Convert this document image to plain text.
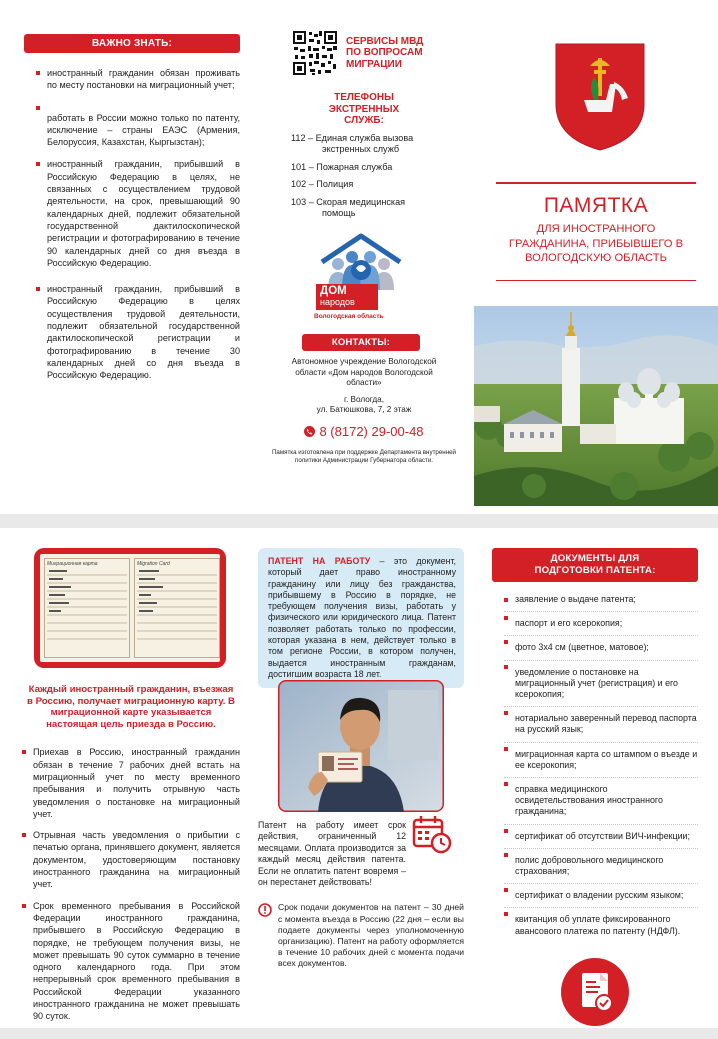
ВАЖНО ЗНАТЬ:
иностранный гражданин обязан проживать по месту постановки на миграционный учет;
работать в России можно только по патенту, исключение – страны ЕАЭС (Армения, Белоруссия, Казахстан, Кыргызстан);
иностранный гражданин, прибывший в Российскую Федерацию в целях, не связанных с осуществлением трудовой деятельности, на срок, превышающий 90 календарных дней, подлежит обязательной государственной дактилоскопической регистрации и фотографированию в течение 90 календарных дней со дня въезда в Российскую Федерацию.
иностранный гражданин, прибывший в Российскую Федерацию в целях осуществления трудовой деятельности, подлежит обязательной государственной дактилоскопической регистрации и фотографированию в течение 30 календарных дней со дня въезда в Российскую Федерацию.
СЕРВИСЫ МВД ПО ВОПРОСАМ МИГРАЦИИ
ТЕЛЕФОНЫ ЭКСТРЕННЫХ СЛУЖБ:
112 – Единая служба вызова экстренных служб
101 – Пожарная служба
102 – Полиция
103 – Скорая медицинская помощь
ДОМ
народов
Вологодская область
КОНТАКТЫ:
Автономное учреждение Вологодской области «Дом народов Вологодской области»
г. Вологда,
ул. Батюшкова, 7, 2 этаж
8 (8172) 29-00-48
Памятка изготовлена при поддержке Департамента внутренней политики Администрации Губернатора области.
ПАМЯТКА
ДЛЯ ИНОСТРАННОГО ГРАЖДАНИНА, ПРИБЫВШЕГО В ВОЛОГОДСКУЮ ОБЛАСТЬ
Миграционная карта	Migration Card
Каждый иностранный гражданин, въезжая в Россию, получает миграционную карту. В миграционной карте указывается настоящая цель приезда в Россию.
Приехав в Россию, иностранный гражданин обязан в течение 7 рабочих дней встать на миграционный учет по месту временного пребывания и получить отрывную часть уведомления о постановке на миграционный учет.
Отрывная часть уведомления о прибытии с печатью органа, принявшего документ, является документом, удостоверяющим постановку иностранного гражданина на миграционный учет.
Срок временного пребывания в Российской Федерации иностранного гражданина, прибывшего в Российскую Федерацию в порядке, не требующем получения визы, не может превышать 90 суток суммарно в течение одного календарного года. При этом непрерывный срок временного пребывания в Российской Федерации указанного иностранного гражданина не может превышать 90 суток.
ПАТЕНТ НА РАБОТУ – это документ, который дает право иностранному гражданину или лицу без гражданства, прибывшему в Россию в порядке, не требующем получения визы, работать у физического или юридического лица. Патент позволяет работать только по профессии, которая указана в нем, действует только в том регионе России, в котором получен, выдается иностранным гражданам, достигшим возраста 18 лет.
Патент на работу имеет срок действия, ограниченный 12 месяцами. Оплата производится за каждый месяц действия патента. Если не оплатить патент вовремя – он перестанет действовать!
Срок подачи документов на патент – 30 дней с момента въезда в Россию (22 дня – если вы подаете документы через уполномоченную организацию). Патент на работу оформляется в течение 10 рабочих дней с момента подачи всех документов.
ДОКУМЕНТЫ ДЛЯ ПОДГОТОВКИ ПАТЕНТА:
заявление о выдаче патента;
паспорт и его ксерокопия;
фото 3х4 см (цветное, матовое);
уведомление о постановке на миграционный учет (регистрация) и его ксерокопия;
нотариально заверенный перевод паспорта на русский язык;
миграционная карта со штампом о въезде и ее ксерокопия;
справка медицинского освидетельствования иностранного гражданина;
сертификат об отсутствии ВИЧ-инфекции;
полис добровольного медицинского страхования;
сертификат о владении русским языком;
квитанция об уплате фиксированного авансового платежа по патенту (НДФЛ).
